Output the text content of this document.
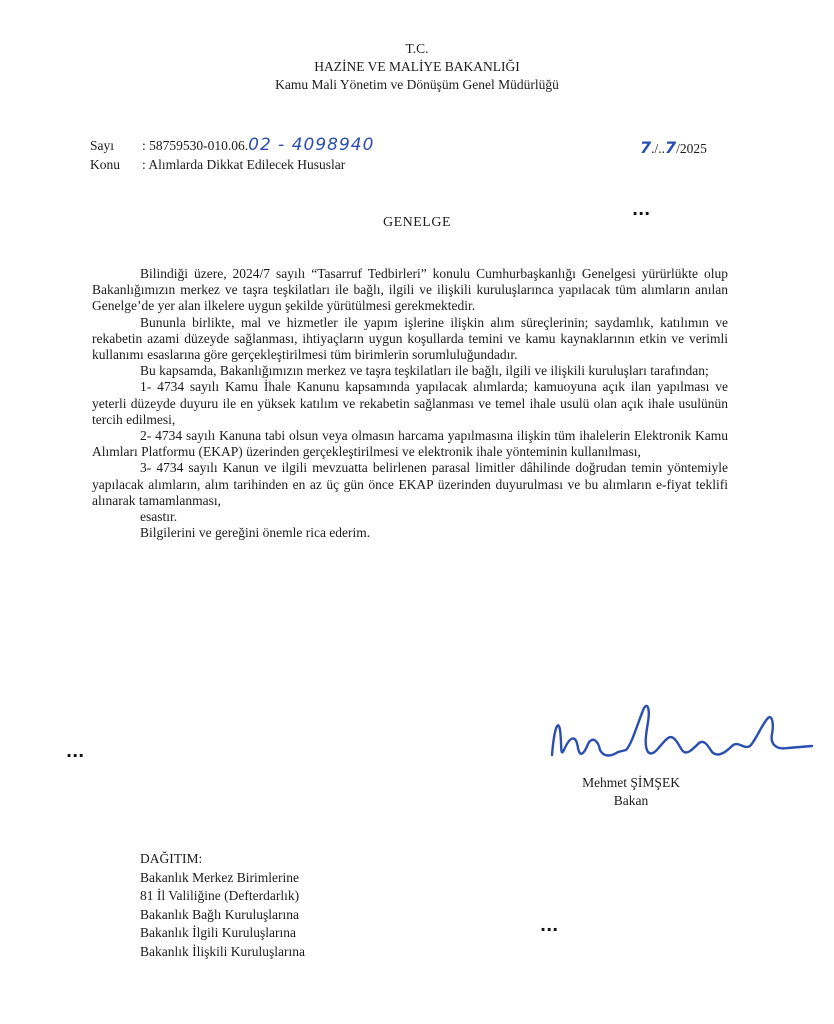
T.C.
HAZİNE VE MALİYE BAKANLIĞI
Kamu Mali Yönetim ve Dönüşüm Genel Müdürlüğü
Sayı : 58759530-010.06.02 - 4098940
Konu : Alımlarda Dikkat Edilecek Hususlar
7./..7/2025
GENELGE
...

Bilindiği üzere, 2024/7 sayılı “Tasarruf Tedbirleri” konulu Cumhurbaşkanlığı Genelgesi yürürlükte olup Bakanlığımızın merkez ve taşra teşkilatları ile bağlı, ilgili ve ilişkili kuruluşlarınca yapılacak tüm alımların anılan Genelge’de yer alan ilkelere uygun şekilde yürütülmesi gerekmektedir.

Bununla birlikte, mal ve hizmetler ile yapım işlerine ilişkin alım süreçlerinin; saydamlık, katılımın ve rekabetin azami düzeyde sağlanması, ihtiyaçların uygun koşullarda temini ve kamu kaynaklarının etkin ve verimli kullanımı esaslarına göre gerçekleştirilmesi tüm birimlerin sorumluluğundadır.

Bu kapsamda, Bakanlığımızın merkez ve taşra teşkilatları ile bağlı, ilgili ve ilişkili kuruluşları tarafından;

1- 4734 sayılı Kamu İhale Kanunu kapsamında yapılacak alımlarda; kamuoyuna açık ilan yapılması ve yeterli düzeyde duyuru ile en yüksek katılım ve rekabetin sağlanması ve temel ihale usulü olan açık ihale usulünün tercih edilmesi,

2- 4734 sayılı Kanuna tabi olsun veya olmasın harcama yapılmasına ilişkin tüm ihalelerin Elektronik Kamu Alımları Platformu (EKAP) üzerinden gerçekleştirilmesi ve elektronik ihale yönteminin kullanılması,

3- 4734 sayılı Kanun ve ilgili mevzuatta belirlenen parasal limitler dâhilinde doğrudan temin yöntemiyle yapılacak alımların, alım tarihinden en az üç gün önce EKAP üzerinden duyurulması ve bu alımların e-fiyat teklifi alınarak tamamlanması,

esastır.

Bilgilerini ve gereğini önemle rica ederim.

...
Mehmet ŞİMŞEK
Bakan
DAĞITIM:
Bakanlık Merkez Birimlerine
81 İl Valiliğine (Defterdarlık)
Bakanlık Bağlı Kuruluşlarına
Bakanlık İlgili Kuruluşlarına
Bakanlık İlişkili Kuruluşlarına
...
